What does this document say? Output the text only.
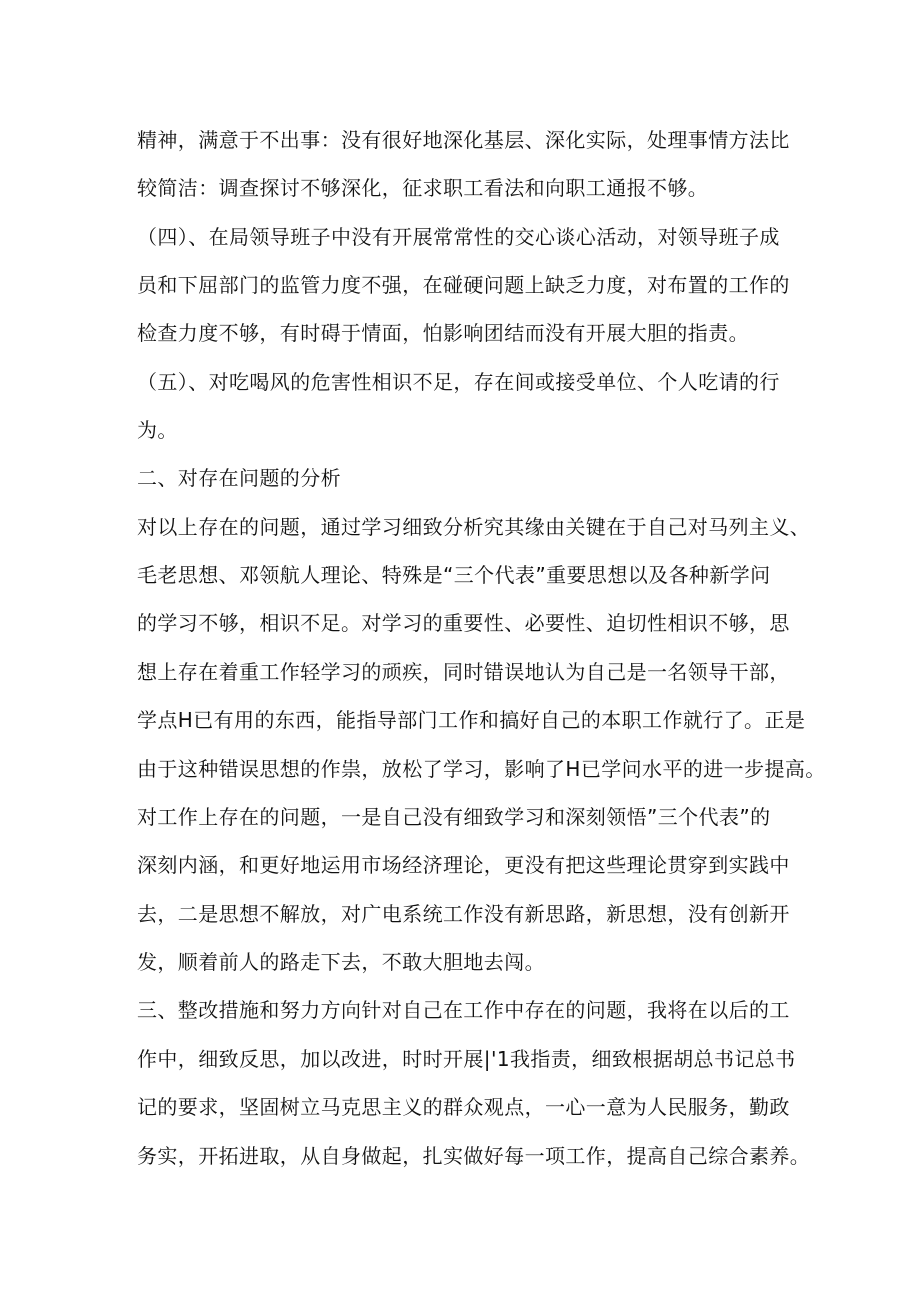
精神，满意于不出事：没有很好地深化基层、深化实际，处理事情方法比
较简洁：调查探讨不够深化，征求职工看法和向职工通报不够。
（四）、在局领导班子中没有开展常常性的交心谈心活动，对领导班子成
员和下屈部门的监管力度不强，在碰硬问题上缺乏力度，对布置的工作的
检查力度不够，有时碍于情面，怕影响团结而没有开展大胆的指责。
（五）、对吃喝风的危害性相识不足，存在间或接受单位、个人吃请的行
为。
二、对存在问题的分析
对以上存在的问题，通过学习细致分析究其缘由关键在于自己对马列主义、
毛老思想、邓领航人理论、特殊是“三个代表”重要思想以及各种新学问
的学习不够，相识不足。对学习的重要性、必要性、迫切性相识不够，思
想上存在着重工作轻学习的顽疾，同时错误地认为自己是一名领导干部，
学点H已有用的东西，能指导部门工作和搞好自己的本职工作就行了。正是
由于这种错误思想的作祟，放松了学习，影响了H已学问水平的进一步提高。
对工作上存在的问题，一是自己没有细致学习和深刻领悟”三个代表”的
深刻内涵，和更好地运用市场经济理论，更没有把这些理论贯穿到实践中
去，二是思想不解放，对广电系统工作没有新思路，新思想，没有创新开
发，顺着前人的路走下去，不敢大胆地去闯。
三、整改措施和努力方向针对自己在工作中存在的问题，我将在以后的工
作中，细致反思，加以改进，时时开展|'1我指责，细致根据胡总书记总书
记的要求，坚固树立马克思主义的群众观点，一心一意为人民服务，勤政
务实，开拓进取，从自身做起，扎实做好每一项工作，提高自己综合素养。
